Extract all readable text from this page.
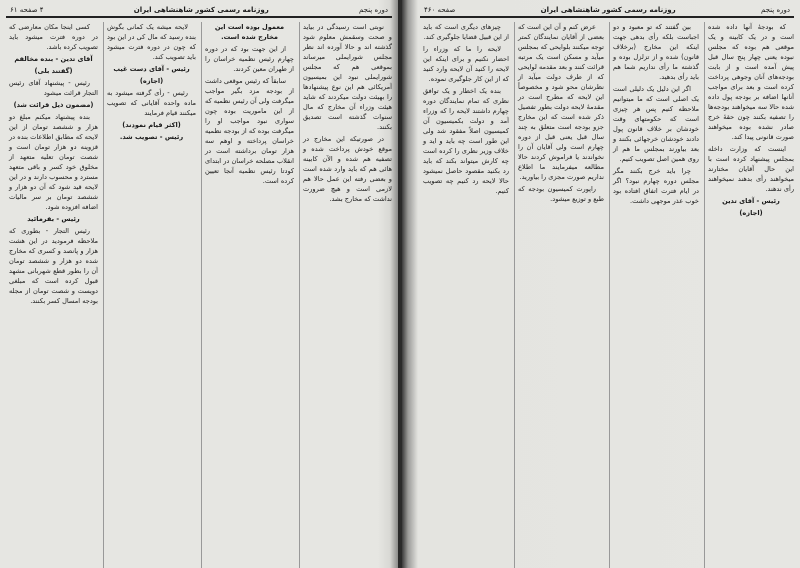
دوره پنجم
روزنامه رسمی کشور شاهنشاهی ایران
صفحه ۴۶۰

که بودجهٔ آنها داده شده است و در یک کابینه و یک موقعی هم بوده که مجلس نبوده یعنی چهار پنج سال قبل پیش آمده است و از بابت بودجه‌های آنان وجوهی پرداخت کرده است و بعد برای مواجب آنانها اضافه بر بودجه پول داده شده حالا سه میخواهند بودجه‌ها را تصفیه بکنند چون حقهٔ خرج صادر نشده بوده میخواهند صورت قانونی پیدا کند.

اینست که وزارت داخله بمجلس پیشنهاد کرده است با این حال آقایان مختارند میخواهند رأی بدهند نمیخواهند رأی ندهند.

رئیس - آقای تدین

(اجازه)

بین گفتند که تو معبود و دو اجباست بلکه رأی بدهی جهت اینکه این مخارج (برخلاف قانون) شده و از تزلزل بوده و گذشته ما رأی نداریم شما هم باید رأی بدهید.

اگر این دلیل یک دلیلی است یک اصلی است که ما میتوانیم ملاحظه کنیم پس هر چیزی است که حکومتهای وقت خودشان بر خلاف قانون پول دادند خودشان خرجهائی بکنند و بعد بیاورند بمجلس ما هم از روی همین اصل تصویب کنیم.

چرا باید خرج بکنند مگر مجلس دوره چهارم نبود؟ اگر در ایام فترت اتفاق افتاده بود خوب عذر موجهی داشت.

عرض کنم و آن این است که بعضی از آقایان نمایندگان کمتر توجه میکنند بلوایحی که بمجلس میآید و مسکن است یک مرتبه قرائت کنند و بعد مقدمه لوایحی که از طرف دولت میآید از نظرشان محو شود و مخصوصاً این لایحه که مطرح است در مقدمهٔ لایحه دولت بطور تفصیل ذکر شده است که این مخارج جزو بودجه است متعلق به چند سال قبل یعنی قبل از دوره چهارم است ولی آقایان آن را نخواندند یا فراموش کردند حالا مطالعه میفرمایند ما اطلاع نداریم صورت مجزی را بیاورید.

راپورت کمیسیون بودجه که طبع و توزیع میشود.

چیزهای دیگری است که باید از این قبیل قضایا جلوگیری کند.

لایحه را ما که وزراء را احضار نکنیم و برای اینکه این لایحه را کنید آن لایحه وارد کنید که از این کار جلوگیری نموده.

بنده یک اخطار و یک توافق نظری که تمام نمایندگان دوره چهارم داشتند لایحه را که وزراء آمد و دولت بکمیسیون آن کمیسیون اصلاً مفقود شد ولی این طور است چه باید و اید و خلاف وزیر نظری را کرده است چه کارش میتواند بکند که باید رد بکنید مقصود حاصل نمیشود حالا لایحه رد کنیم چه تصویب کنیم.

دوره پنجم
روزنامه رسمی کشور شاهنشاهی ایران
۴ صفحه ۶۱

نوبتی است رسیدگی در بیاید و صحت وسقمش معلوم شود گذشته اند و حالا آورده اند نظر مجلس شورایملی میرساند بموقعی هم که مجلس شورایملی نبود این بمیسیون آمریکائی هم این نوع پیشنهادها را بهیئت دولت میکردند که شاید هیئت وزراء آن مخارج که مال سنوات گذشته است تصدیق بکنند.

در صورتیکه این مخارج در موقع خودش پرداخت شده و تصفیه هم شده و الآن کابینه هائی هم که باید وارد شده است و بعضی رفته این عمل حالا هم لازمی است و هیچ ضرورت نداشت که مخارج بشد.

معمول بوده است این مخارج شده است.

از این جهت بود که در دوره چهارم رئیس نظمیه خراسان را از طهران معین کردند.

سابقاً که رئیس موقعی داشت از بودجه مزد بگیر مواجب میگرفت ولی آن رئیس نظمیه که از این ماموریت بوده چون سواری نبود مواجب او را میگرفت بوده که از بودجه نظمیه خراسان پرداخته و اوهم سه هزار تومان برداشته است در انقلاب مصلحه خراسان در ابتدای کودتا رئیس نظمیه آنجا تعیین کرده است.

لایحه میشه یک کمانی بگوش بنده رسید که مال کی در این بود که چون در دوره فترت میشود باید تصویب کند.

رئیس - آقای دست غیب

(اجازه)

رئیس - رأی گرفته میشود به ماده واحده آقایانی که تصویب میکنند قیام فرمایند

(اکثر قیام نمودند)

رئیس - تصویب شد.

کسی اینجا مکان معارضی که در دوره فترت میشود باید تصویب کرده باشد.

آقای تدین - بنده مخالفم

(گفتند بلی)

رئیس - پیشنهاد آقای رئیس التجار قرائت میشود

(مضمون ذیل قرائت شد)

بنده پیشنهاد میکنم مبلغ دو هزار و ششصد تومان از این لایحه که مطابق اطلاعات بنده در قزوینه دو هزار تومان است و شصت تومان تعلیه متعهد از مخلوق خود کسر و باقی متعهد مسترد و محسوب دارند و در این لایحه قید شود که آن دو هزار و ششصد تومان بر سر مالیات اضافه افزوده شود.

رئیس - بفرمائید

رئیس التجار - بطوری که ملاحظه فرمودید در این هشت هزار و پانصد و کسری که مخارج شده دو هزار و ششصد تومان آن را بطور قطع شهربانی مشهد قبول کرده است که مبلغی دویست و شصت تومان از مجله بودجه امسال کسر بکنند.
